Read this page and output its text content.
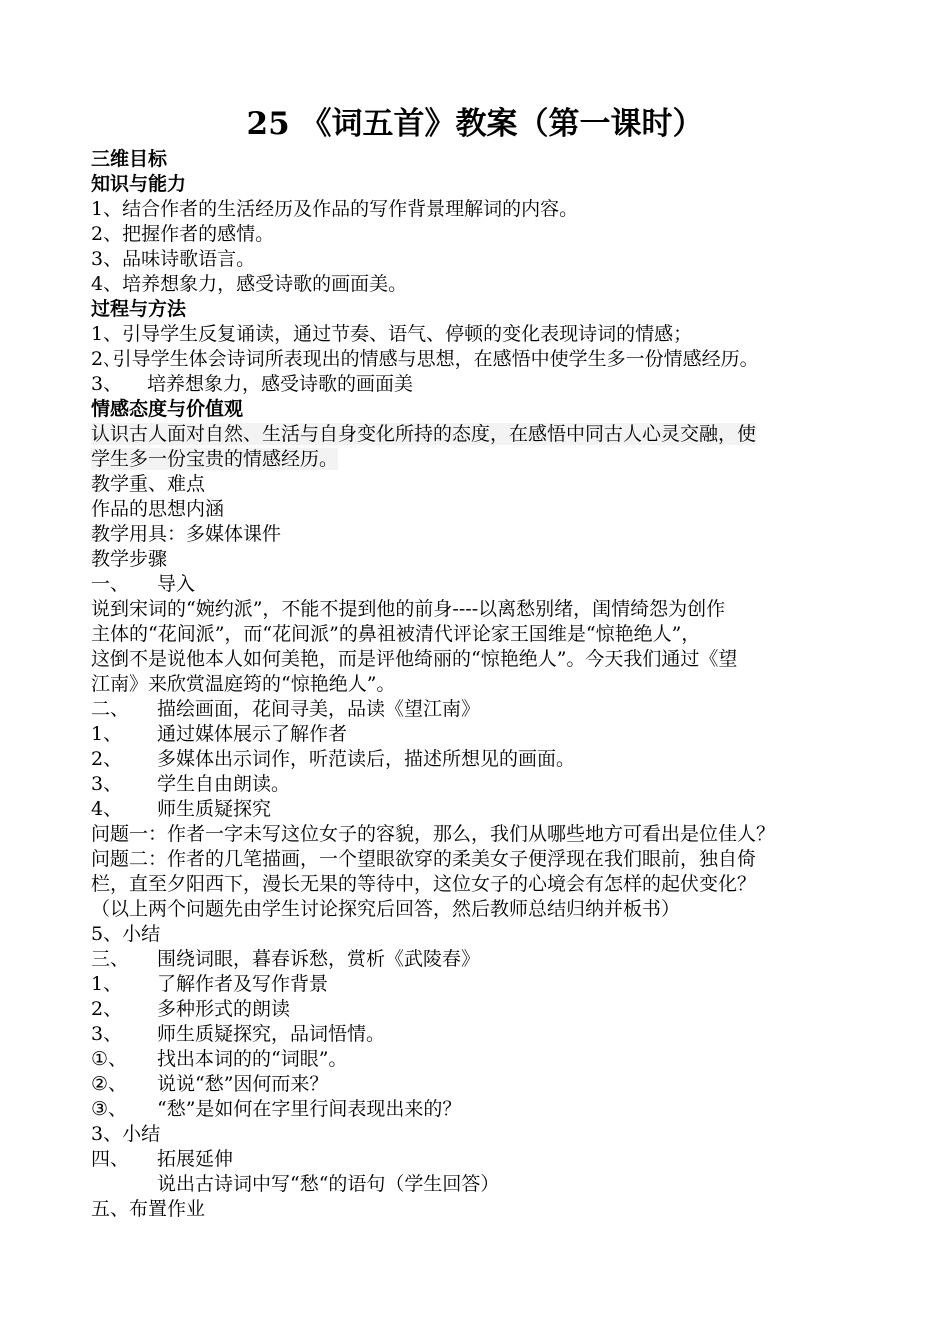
25 《词五首》教案（第一课时）
三维目标
知识与能力
1、结合作者的生活经历及作品的写作背景理解词的内容。
2、把握作者的感情。
3、品味诗歌语言。
4、培养想象力，感受诗歌的画面美。
过程与方法
1、引导学生反复诵读，通过节奏、语气、停顿的变化表现诗词的情感；
2､引导学生体会诗词所表现出的情感与思想，在感悟中使学生多一份情感经历。
3、 培养想象力，感受诗歌的画面美
情感态度与价值观
认识古人面对自然、生活与自身变化所持的态度，在感悟中同古人心灵交融，使
学生多一份宝贵的情感经历。
教学重、难点
作品的思想内涵
教学用具：多媒体课件
教学步骤
一、 导入
说到宋词的“婉约派”，不能不提到他的前身----以离愁别绪，闺情绮怨为创作
主体的“花间派”，而“花间派”的鼻祖被清代评论家王国维是“惊艳绝人”，
这倒不是说他本人如何美艳，而是评他绮丽的“惊艳绝人”。今天我们通过《望
江南》来欣赏温庭筠的“惊艳绝人”。
二、 描绘画面，花间寻美，品读《望江南》
1、 通过媒体展示了解作者
2、 多媒体出示词作，听范读后，描述所想见的画面。
3、 学生自由朗读。
4、 师生质疑探究
问题一：作者一字未写这位女子的容貌，那么，我们从哪些地方可看出是位佳人？
问题二：作者的几笔描画，一个望眼欲穿的柔美女子便浮现在我们眼前，独自倚
栏，直至夕阳西下，漫长无果的等待中，这位女子的心境会有怎样的起伏变化？
（以上两个问题先由学生讨论探究后回答，然后教师总结归纳并板书）
5、小结
三、 围绕词眼，暮春诉愁，赏析《武陵春》
1、 了解作者及写作背景
2、 多种形式的朗读
3、 师生质疑探究，品词悟情。
①、 找出本词的的“词眼”。
②、 说说“愁”因何而来？
③、 “愁”是如何在字里行间表现出来的？
3、小结
四、 拓展延伸
说出古诗词中写“愁“的语句（学生回答）
五、布置作业
